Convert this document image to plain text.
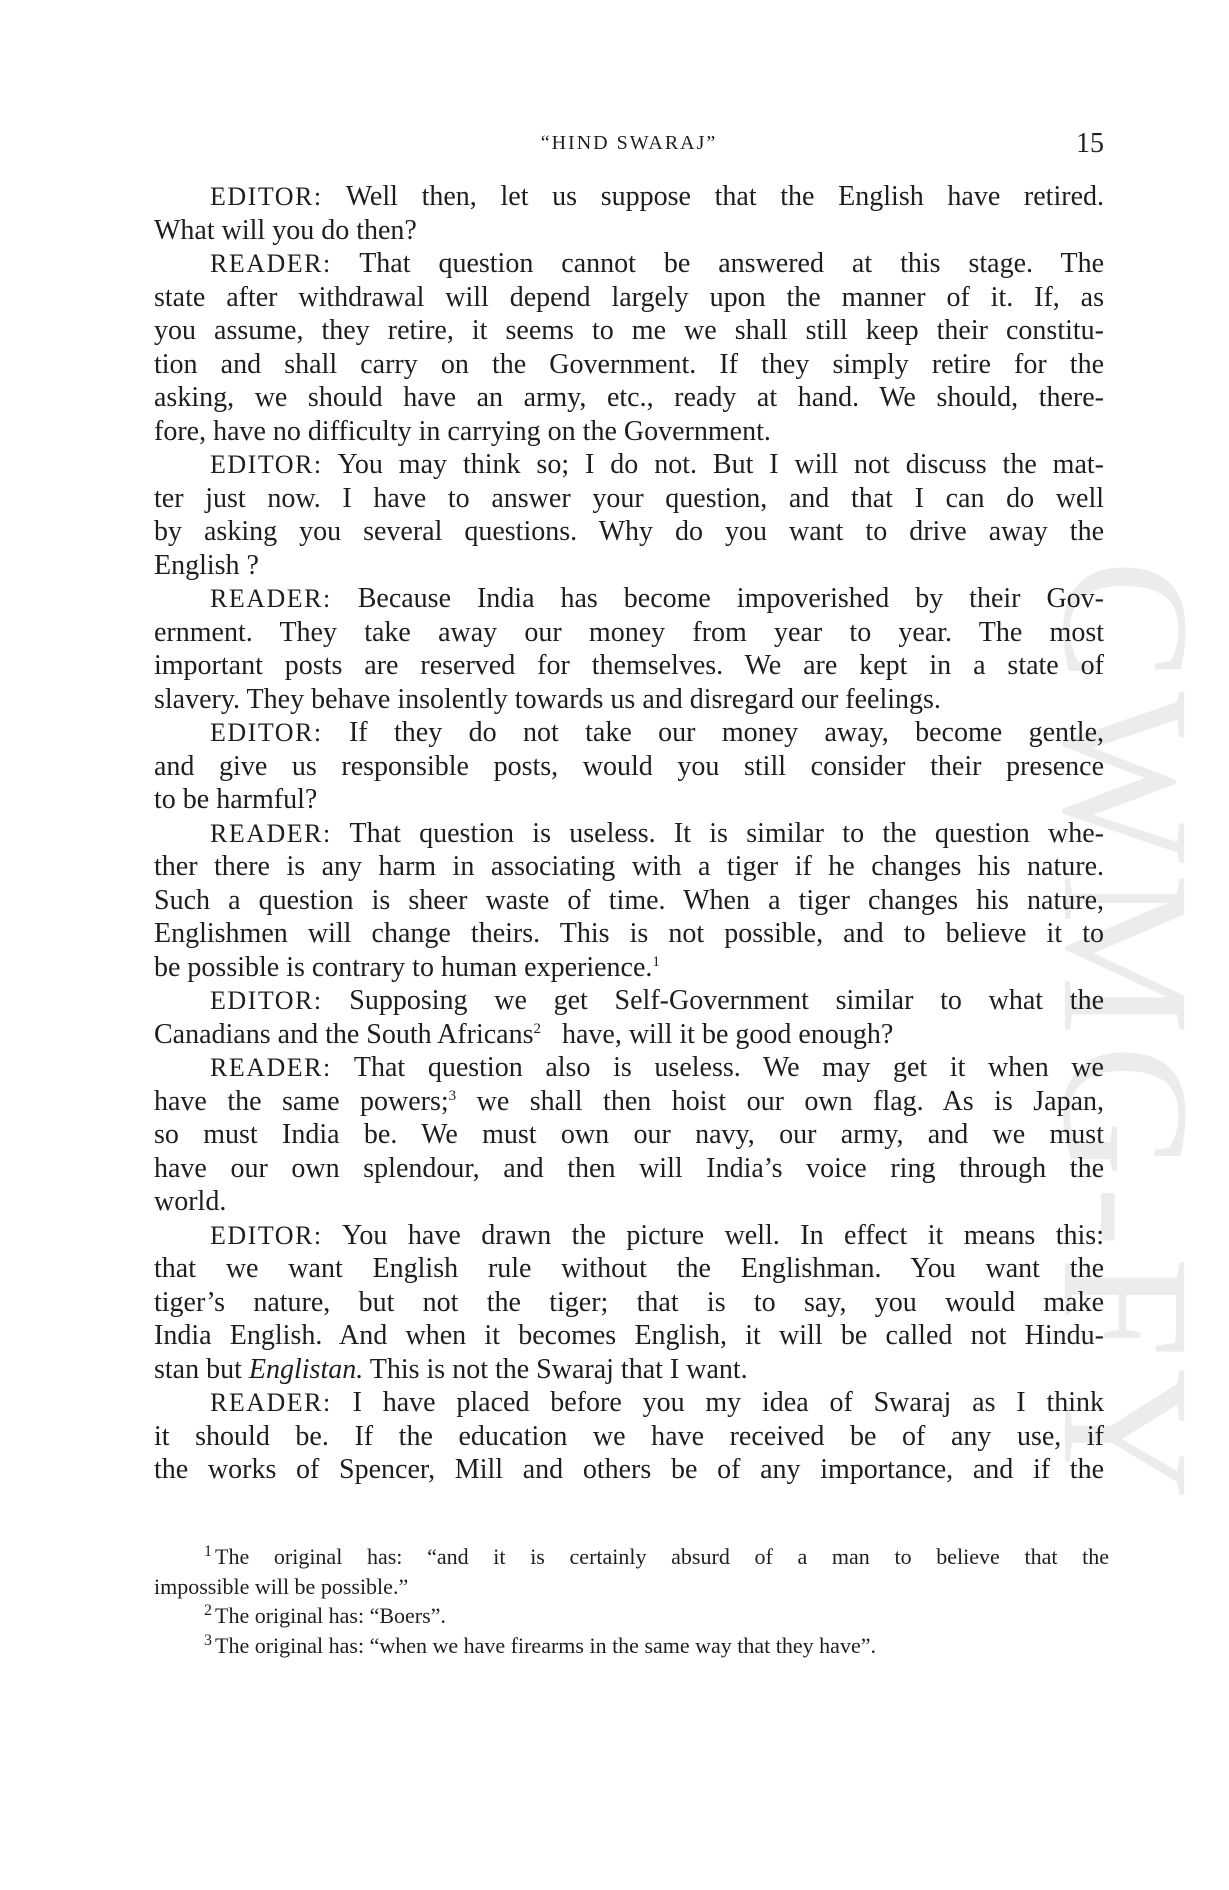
CWMG-FY
“HIND SWARAJ”	15
EDITOR: Well then, let us suppose that the English have retired.
What will you do then?
READER: That question cannot be answered at this stage. The
state after withdrawal will depend largely upon the manner of it. If, as
you assume, they retire, it seems to me we shall still keep their constitu-
tion and shall carry on the Government. If they simply retire for the
asking, we should have an army, etc., ready at hand. We should, there-
fore, have no difficulty in carrying on the Government.
EDITOR: You may think so; I do not. But I will not discuss the mat-
ter just now. I have to answer your question, and that I can do well
by asking you several questions. Why do you want to drive away the
English ?
READER: Because India has become impoverished by their Gov-
ernment. They take away our money from year to year. The most
important posts are reserved for themselves. We are kept in a state of
slavery. They behave insolently towards us and disregard our feelings.
EDITOR: If they do not take our money away, become gentle,
and give us responsible posts, would you still consider their presence
to be harmful?
READER: That question is useless. It is similar to the question whe-
ther there is any harm in associating with a tiger if he changes his nature.
Such a question is sheer waste of time. When a tiger changes his nature,
Englishmen will change theirs. This is not possible, and to believe it to
be possible is contrary to human experience.$^1$
EDITOR: Supposing we get Self-Government similar to what the
Canadians and the South Africans$^2$ have, will it be good enough?
READER: That question also is useless. We may get it when we
have the same powers;$^3$ we shall then hoist our own flag. As is Japan,
so must India be. We must own our navy, our army, and we must
have our own splendour, and then will India’s voice ring through the
world.
EDITOR: You have drawn the picture well. In effect it means this:
that we want English rule without the Englishman. You want the
tiger’s nature, but not the tiger; that is to say, you would make
India English. And when it becomes English, it will be called not Hindu-
stan but Englistan. This is not the Swaraj that I want.
READER: I have placed before you my idea of Swaraj as I think
it should be. If the education we have received be of any use, if
the works of Spencer, Mill and others be of any importance, and if the
$^1$ The original has: “and it is certainly absurd of a man to believe that the
impossible will be possible.”
$^2$ The original has: “Boers”.
$^3$ The original has: “when we have firearms in the same way that they have”.
